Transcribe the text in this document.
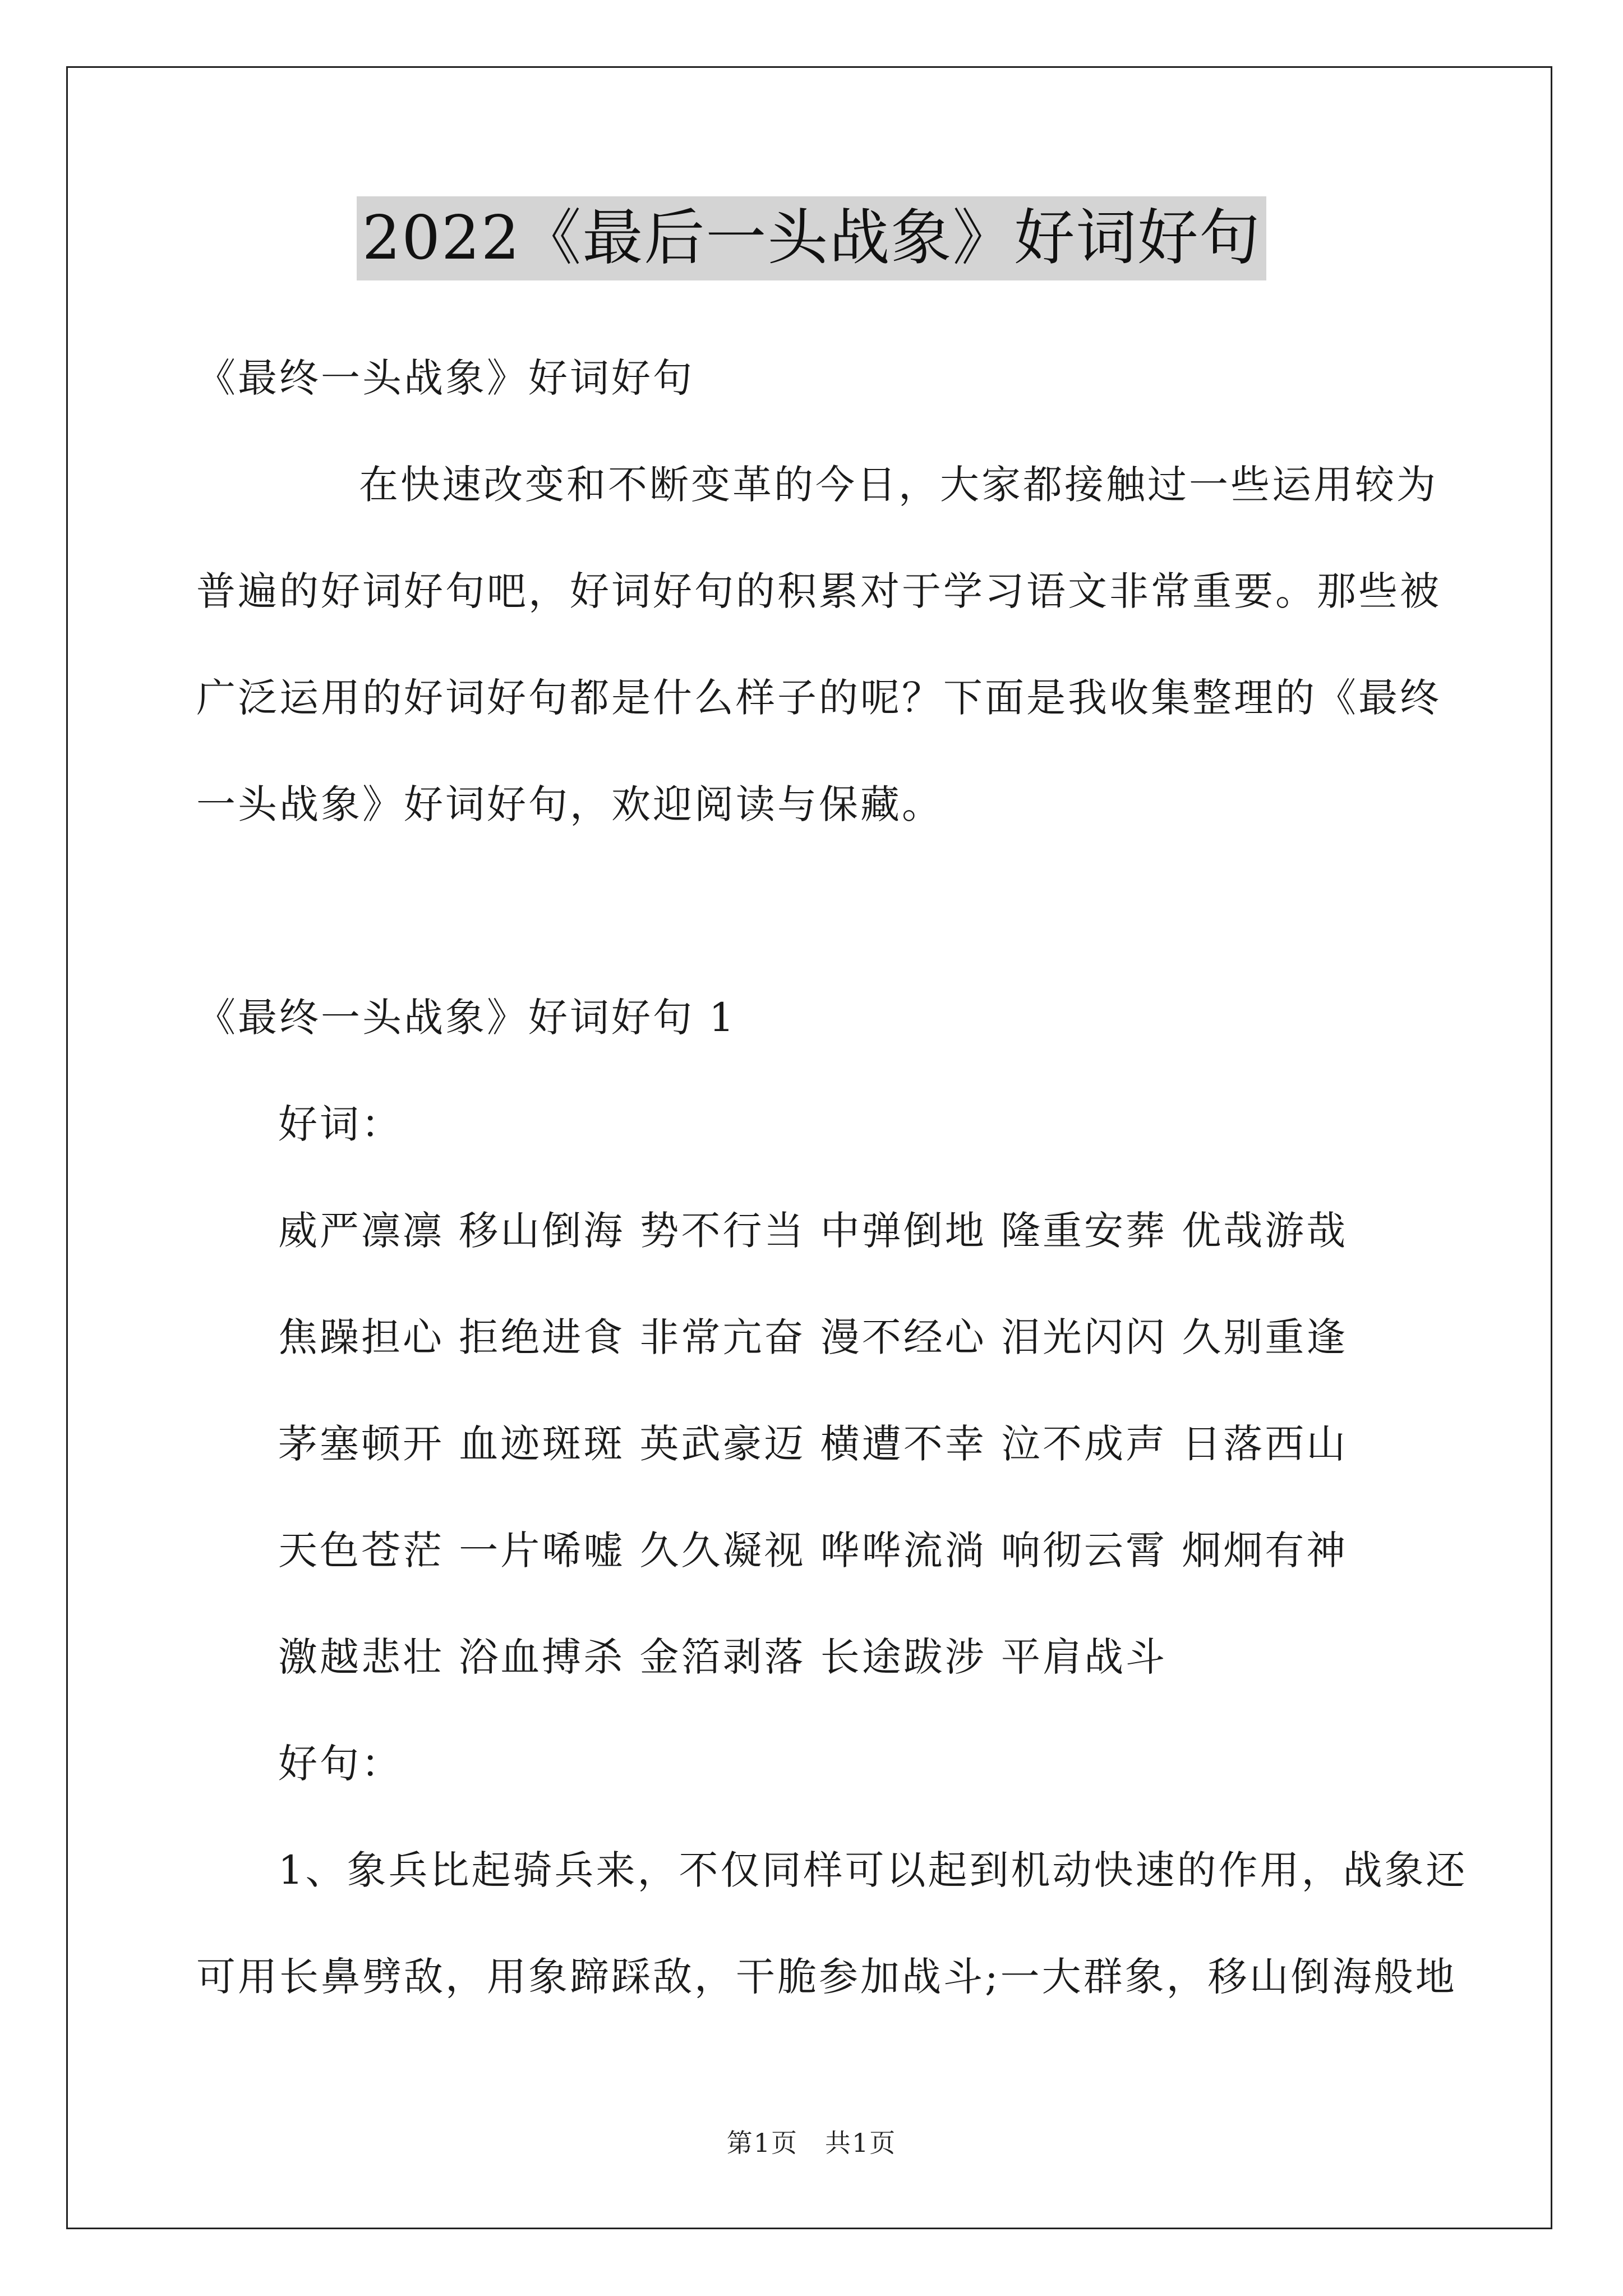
2022《最后一头战象》好词好句
《最终一头战象》好词好句
在快速改变和不断变革的今日，大家都接触过一些运用较为
普遍的好词好句吧，好词好句的积累对于学习语文非常重要。那些被
广泛运用的好词好句都是什么样子的呢？下面是我收集整理的《最终
一头战象》好词好句，欢迎阅读与保藏。
《最终一头战象》好词好句 1
好词：
威严凛凛 移山倒海 势不行当 中弹倒地 隆重安葬 优哉游哉
焦躁担心 拒绝进食 非常亢奋 漫不经心 泪光闪闪 久别重逢
茅塞顿开 血迹斑斑 英武豪迈 横遭不幸 泣不成声 日落西山
天色苍茫 一片唏嘘 久久凝视 哗哗流淌 响彻云霄 炯炯有神
激越悲壮 浴血搏杀 金箔剥落 长途跋涉 平肩战斗
好句：
1、象兵比起骑兵来，不仅同样可以起到机动快速的作用，战象还
可用长鼻劈敌，用象蹄踩敌，干脆参加战斗;一大群象，移山倒海般地
第1页　共1页
